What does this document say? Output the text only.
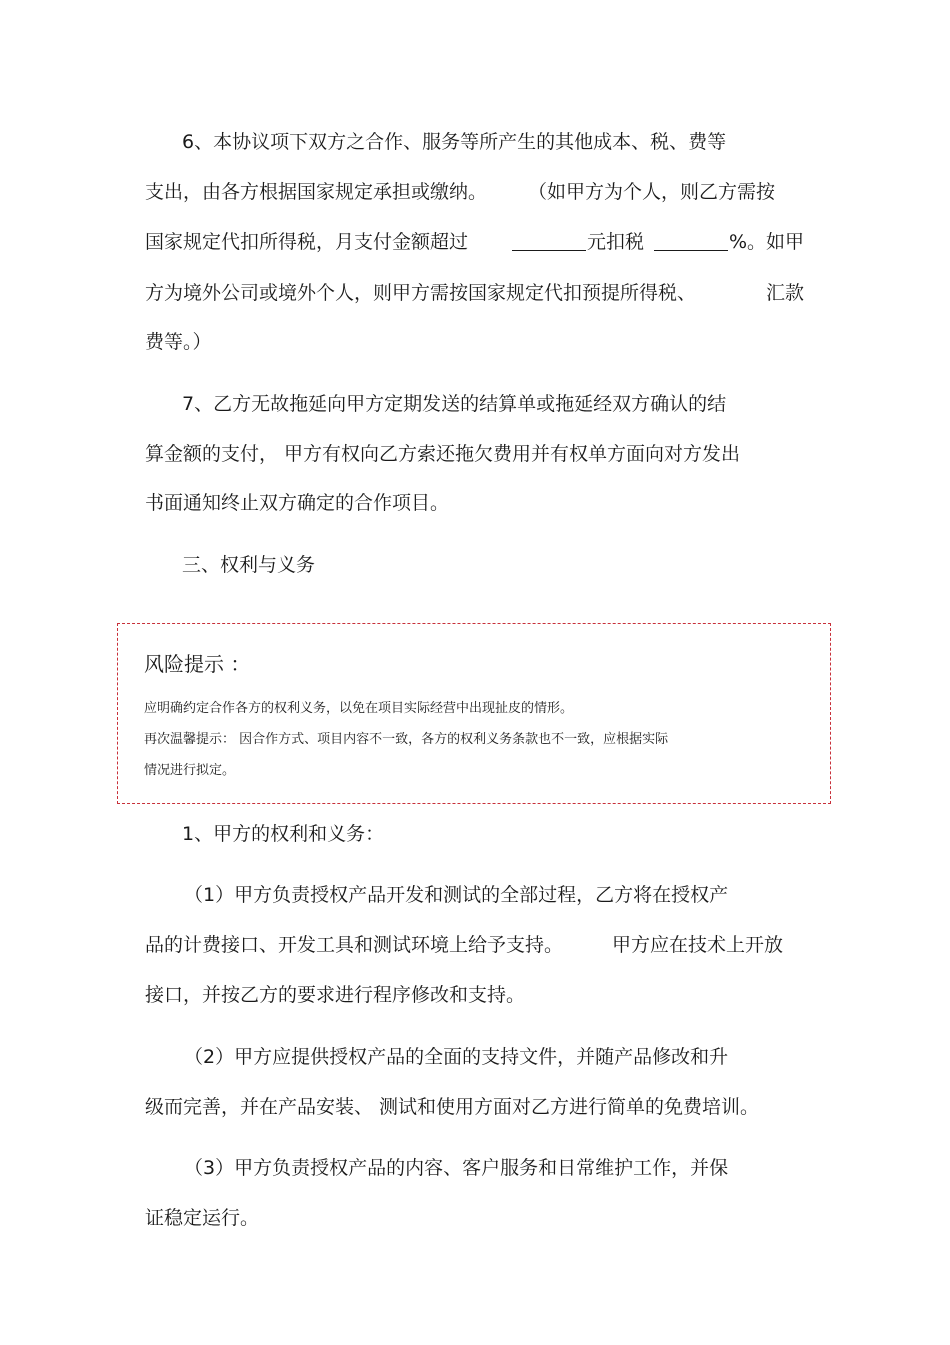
6、本协议项下双方之合作、服务等所产生的其他成本、税、费等
支出，由各方根据国家规定承担或缴纳。 （如甲方为个人，则乙方需按
国家规定代扣所得税，月支付金额超过	元扣税	%。如甲
方为境外公司或境外个人，则甲方需按国家规定代扣预提所得税、	汇款
费等。）
7、乙方无故拖延向甲方定期发送的结算单或拖延经双方确认的结
算金额的支付， 甲方有权向乙方索还拖欠费用并有权单方面向对方发出
书面通知终止双方确定的合作项目。
三、权利与义务
风险提示 ：
应明确约定合作各方的权利义务，以免在项目实际经营中出现扯皮的情形。
再次温馨提示： 因合作方式、项目内容不一致，各方的权利义务条款也不一致，应根据实际
情况进行拟定。
1、甲方的权利和义务：
（1）甲方负责授权产品开发和测试的全部过程，乙方将在授权产
品的计费接口、开发工具和测试环境上给予支持。	甲方应在技术上开放
接口，并按乙方的要求进行程序修改和支持。
（2）甲方应提供授权产品的全面的支持文件，并随产品修改和升
级而完善，并在产品安装、 测试和使用方面对乙方进行简单的免费培训。
（3）甲方负责授权产品的内容、客户服务和日常维护工作，并保
证稳定运行。
